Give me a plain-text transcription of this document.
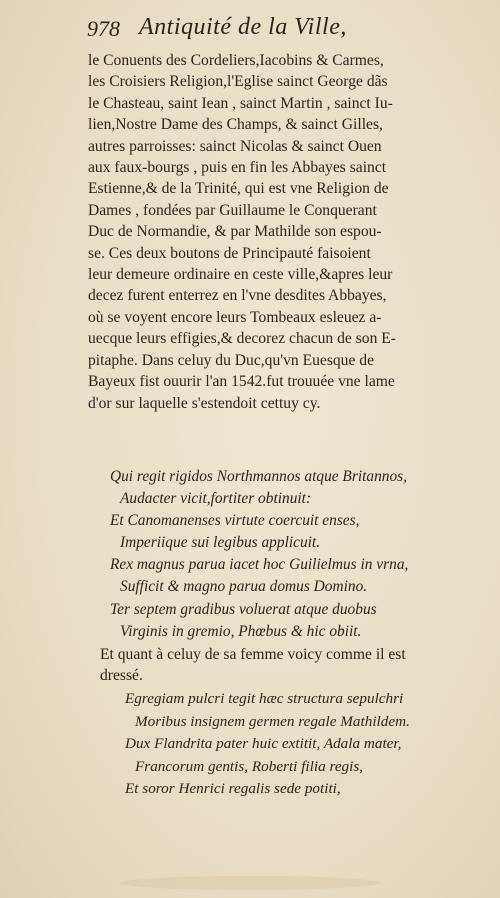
978 Antiquité de la Ville,
le Conuents des Cordeliers,Iacobins & Carmes,
les Croisiers Religion,l'Eglise sainct George dãs
le Chasteau, saint Iean , sainct Martin , sainct Iu-
lien,Nostre Dame des Champs, & sainct Gilles,
autres parroisses: sainct Nicolas & sainct Ouen
aux faux-bourgs , puis en fin les Abbayes sainct
Estienne,& de la Trinité, qui est vne Religion de
Dames , fondées par Guillaume le Conquerant
Duc de Normandie, & par Mathilde son espou-
se. Ces deux boutons de Principauté faisoient
leur demeure ordinaire en ceste ville,&apres leur
decez furent enterrez en l'vne desdites Abbayes,
où se voyent encore leurs Tombeaux esleuez a-
uecque leurs effigies,& decorez chacun de son E-
pitaphe. Dans celuy du Duc,qu'vn Euesque de
Bayeux fist ouurir l'an 1542.fut trouuée vne lame
d'or sur laquelle s'estendoit cettuy cy.
Qui regit rigidos Northmannos atque Britannos,
Audacter vicit,fortiter obtinuit:
Et Canomanenses virtute coercuit enses,
Imperiique sui legibus applicuit.
Rex magnus parua iacet hoc Guilielmus in vrna,
Sufficit & magno parua domus Domino.
Ter septem gradibus voluerat atque duobus
Virginis in gremio, Phœbus & hic obiit.
Et quant à celuy de sa femme voicy comme il est
dressé.
Egregiam pulcri tegit hæc structura sepulchri
Moribus insignem germen regale Mathildem.
Dux Flandrita pater huic extitit, Adala mater,
Francorum gentis, Roberti filia regis,
Et soror Henrici regalis sede potiti,
